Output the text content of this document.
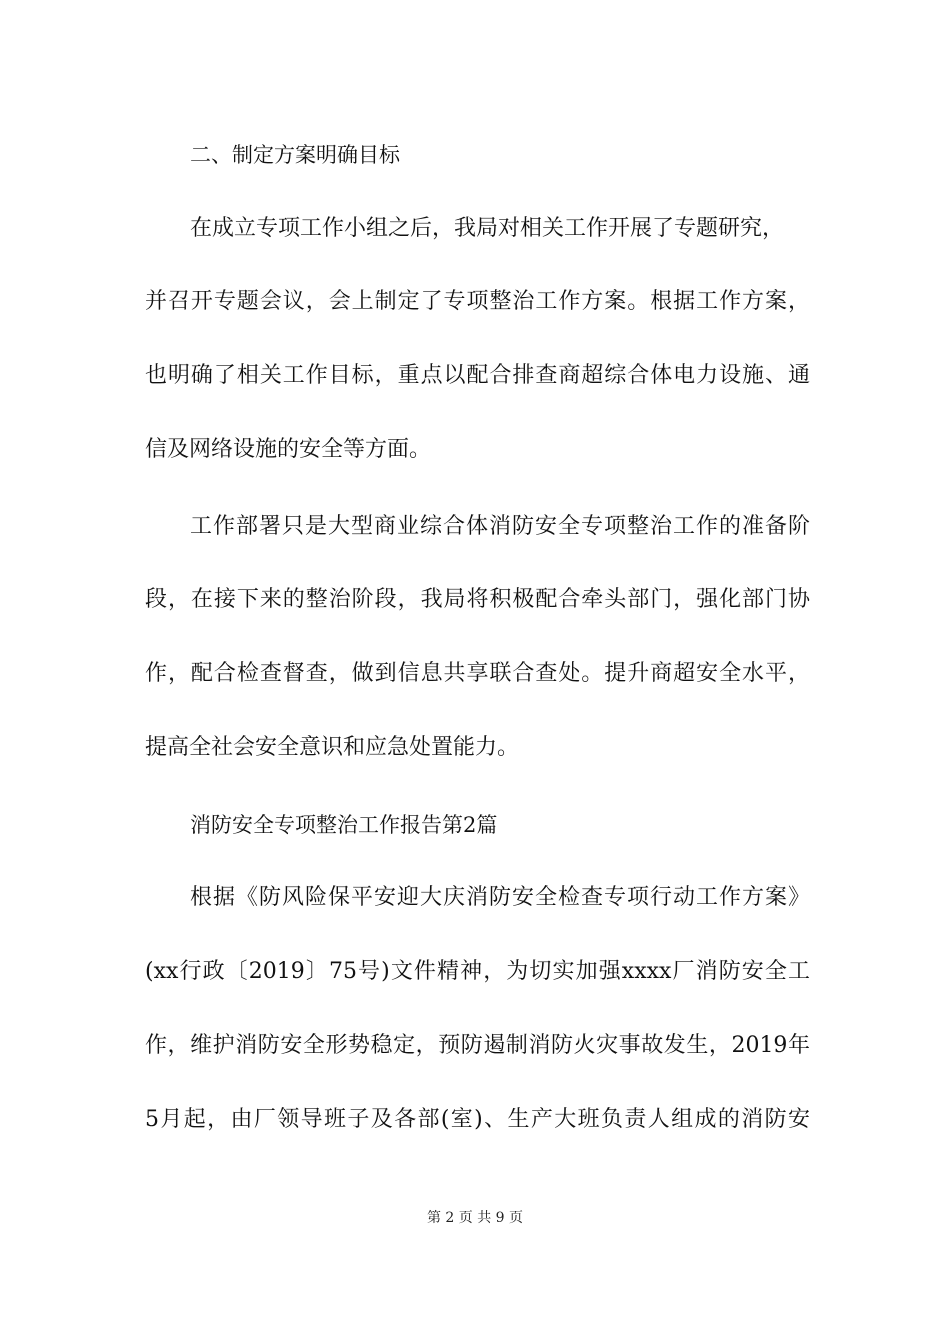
二、制定方案明确目标
在成立专项工作小组之后，我局对相关工作开展了专题研究，
并召开专题会议，会上制定了专项整治工作方案。根据工作方案，
也明确了相关工作目标，重点以配合排查商超综合体电力设施、通
信及网络设施的安全等方面。
工作部署只是大型商业综合体消防安全专项整治工作的准备阶
段，在接下来的整治阶段，我局将积极配合牵头部门，强化部门协
作，配合检查督查，做到信息共享联合查处。提升商超安全水平，
提高全社会安全意识和应急处置能力。
消防安全专项整治工作报告第2篇
根据《防风险保平安迎大庆消防安全检查专项行动工作方案》
(xx行政〔2019〕75号)文件精神，为切实加强xxxx厂消防安全工
作，维护消防安全形势稳定，预防遏制消防火灾事故发生，2019年
5月起，由厂领导班子及各部(室)、生产大班负责人组成的消防安
第 2 页 共 9 页
